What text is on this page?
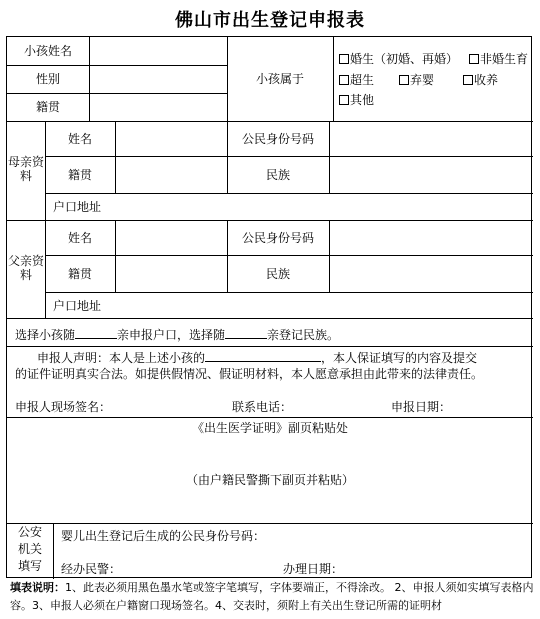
佛山市出生登记申报表
小孩姓名
性别
籍贯
小孩属于
婚生（初婚、再婚）	非婚生育
超生	弃婴	收养
其他
母亲资料
姓名	公民身份号码
籍贯	民族
户口地址
父亲资料
姓名	公民身份号码
籍贯	民族
户口地址
选择小孩随	亲申报户口，选择随	亲登记民族。
申报人声明：本人是上述小孩的	，本人保证填写的内容及提交
的证件证明真实合法。如提供假情况、假证明材料，本人愿意承担由此带来的法律责任。
申报人现场签名：	联系电话：	申报日期：
《出生医学证明》副页粘贴处
（由户籍民警撕下副页并粘贴）
公安
机关
填写
婴儿出生登记后生成的公民身份号码：
经办民警：	办理日期：
填表说明：1、此表必须用黑色墨水笔或签字笔填写，字体要端正，不得涂改。 2、申报人须如实填写表格内容。3、申报人必须在户籍窗口现场签名。4、交表时，须附上有关出生登记所需的证明材
